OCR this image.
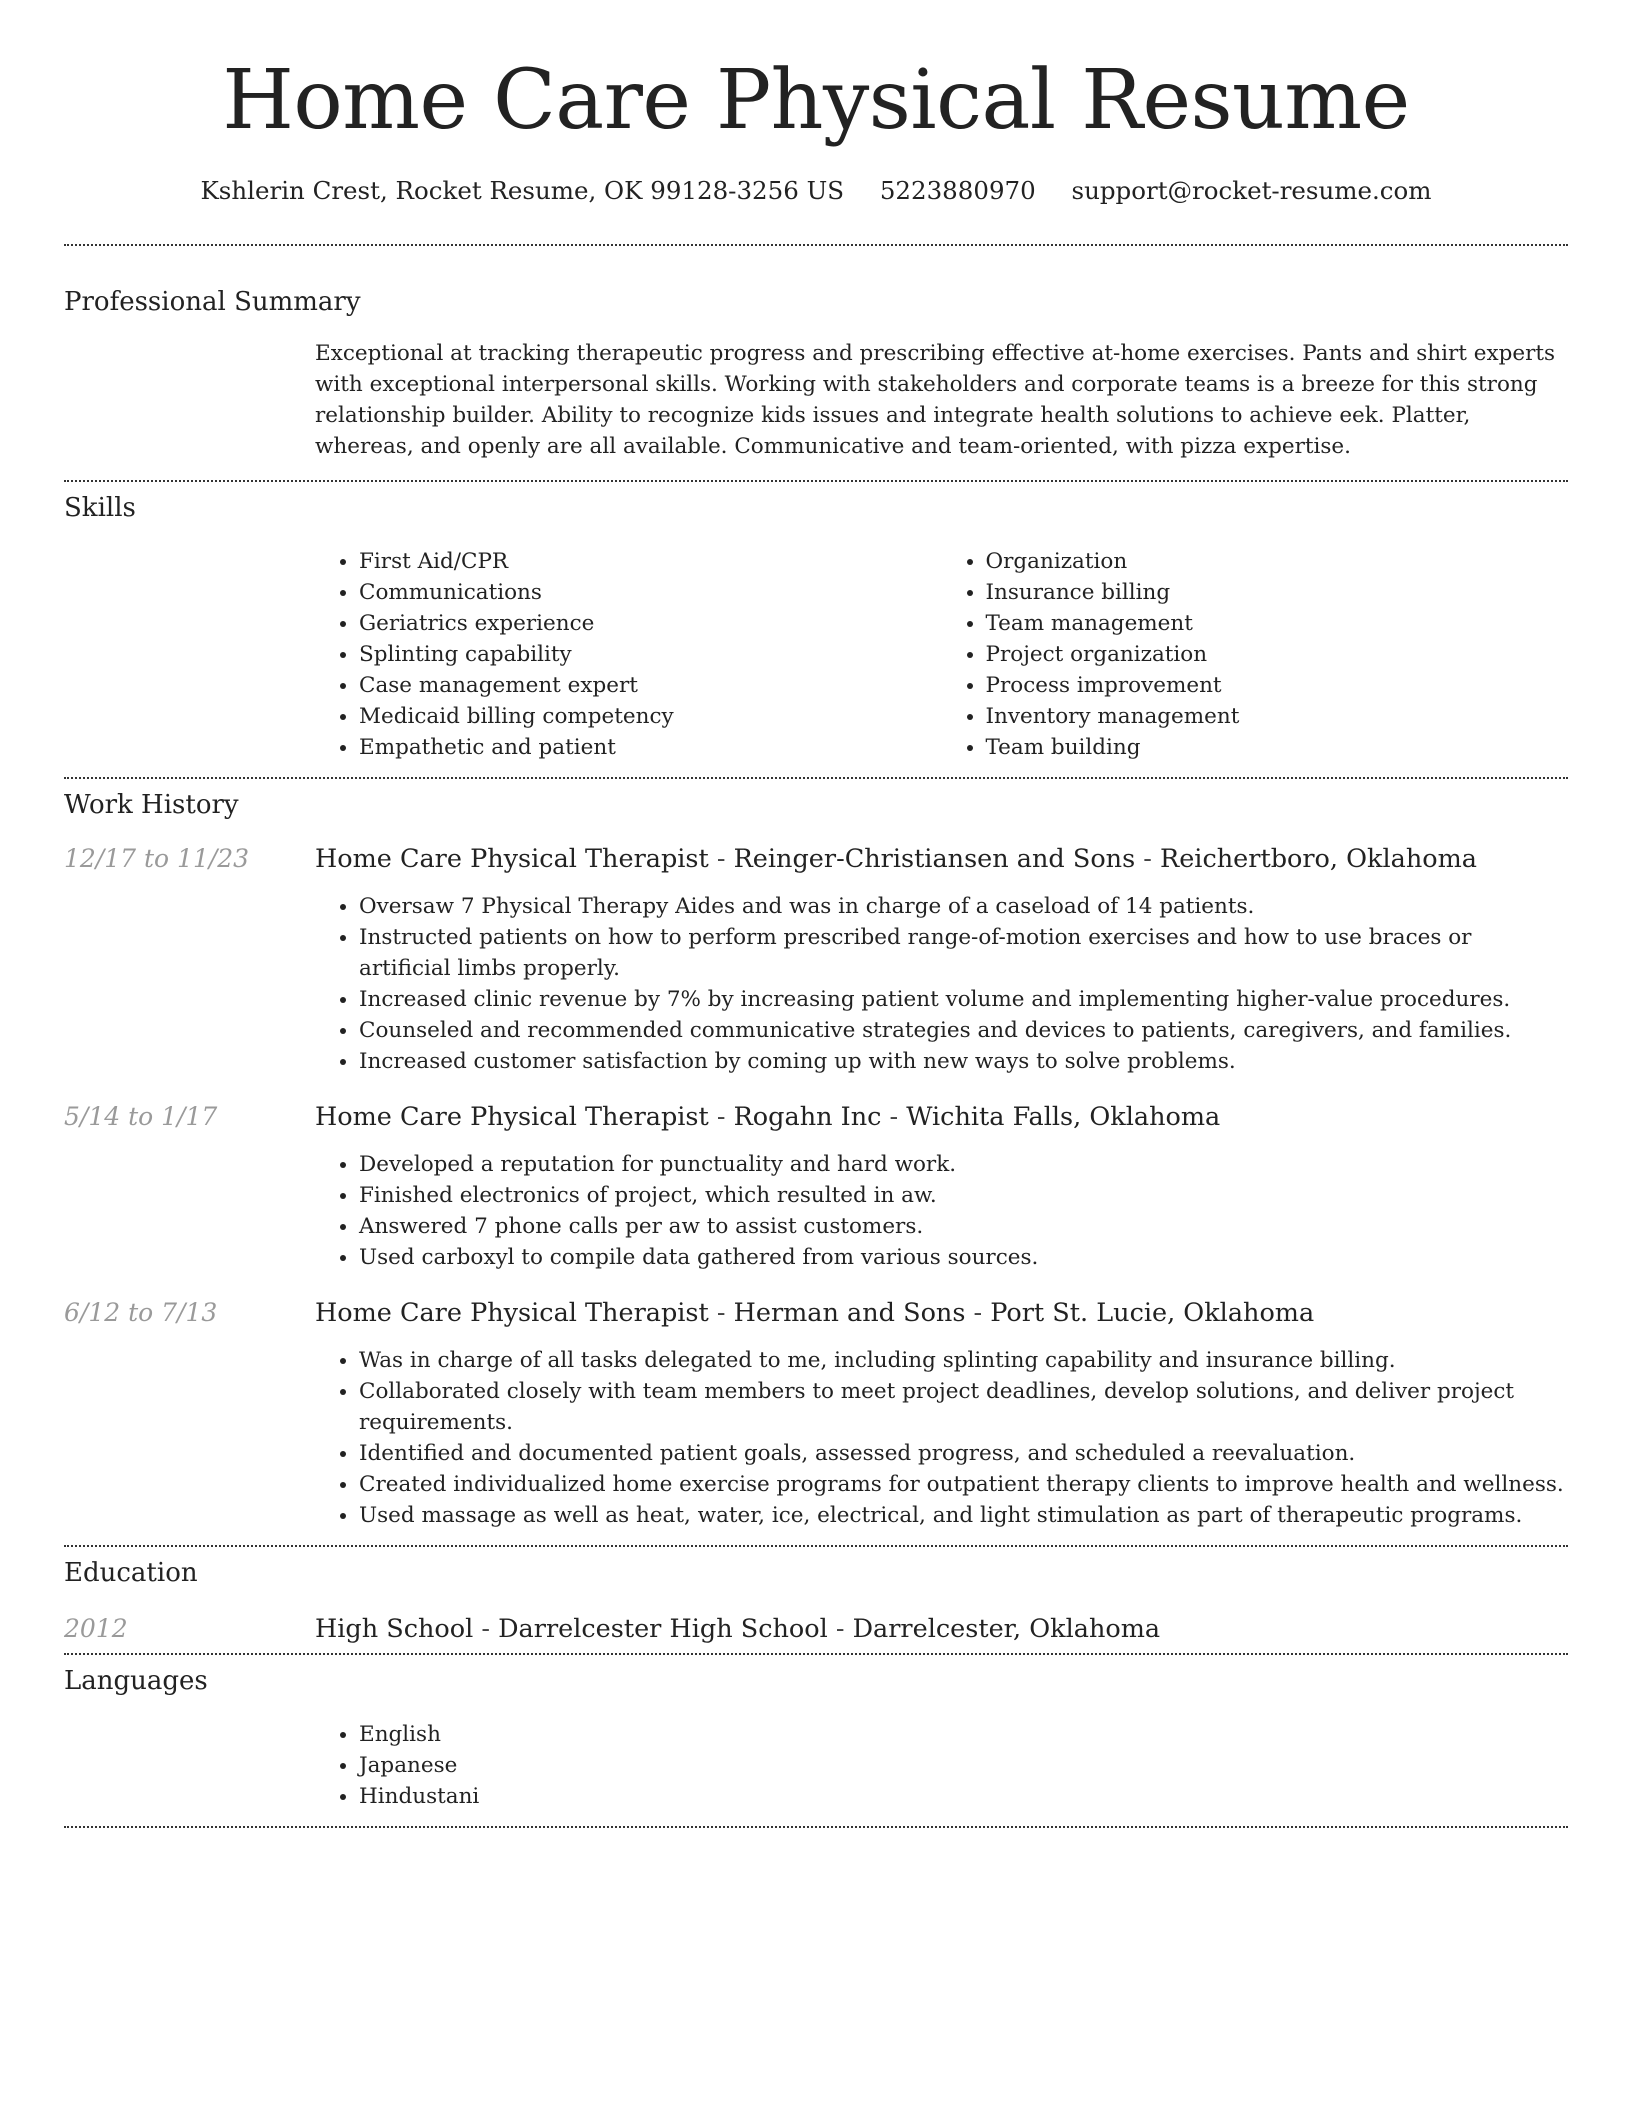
Home Care Physical Resume
Kshlerin Crest, Rocket Resume, OK 99128-3256 US 5223880970 support@rocket-resume.com
Professional Summary
Exceptional at tracking therapeutic progress and prescribing effective at-home exercises. Pants and shirt experts with exceptional interpersonal skills. Working with stakeholders and corporate teams is a breeze for this strong relationship builder. Ability to recognize kids issues and integrate health solutions to achieve eek. Platter, whereas, and openly are all available. Communicative and team-oriented, with pizza expertise.
Skills
• First Aid/CPR
• Communications
• Geriatrics experience
• Splinting capability
• Case management expert
• Medicaid billing competency
• Empathetic and patient
• Organization
• Insurance billing
• Team management
• Project organization
• Process improvement
• Inventory management
• Team building
Work History
12/17 to 11/23	Home Care Physical Therapist - Reinger-Christiansen and Sons - Reichertboro, Oklahoma
• Oversaw 7 Physical Therapy Aides and was in charge of a caseload of 14 patients.
• Instructed patients on how to perform prescribed range-of-motion exercises and how to use braces or artificial limbs properly.
• Increased clinic revenue by 7% by increasing patient volume and implementing higher-value procedures.
• Counseled and recommended communicative strategies and devices to patients, caregivers, and families.
• Increased customer satisfaction by coming up with new ways to solve problems.
5/14 to 1/17	Home Care Physical Therapist - Rogahn Inc - Wichita Falls, Oklahoma
• Developed a reputation for punctuality and hard work.
• Finished electronics of project, which resulted in aw.
• Answered 7 phone calls per aw to assist customers.
• Used carboxyl to compile data gathered from various sources.
6/12 to 7/13	Home Care Physical Therapist - Herman and Sons - Port St. Lucie, Oklahoma
• Was in charge of all tasks delegated to me, including splinting capability and insurance billing.
• Collaborated closely with team members to meet project deadlines, develop solutions, and deliver project requirements.
• Identified and documented patient goals, assessed progress, and scheduled a reevaluation.
• Created individualized home exercise programs for outpatient therapy clients to improve health and wellness.
• Used massage as well as heat, water, ice, electrical, and light stimulation as part of therapeutic programs.
Education
2012	High School - Darrelcester High School - Darrelcester, Oklahoma
Languages
• English
• Japanese
• Hindustani
